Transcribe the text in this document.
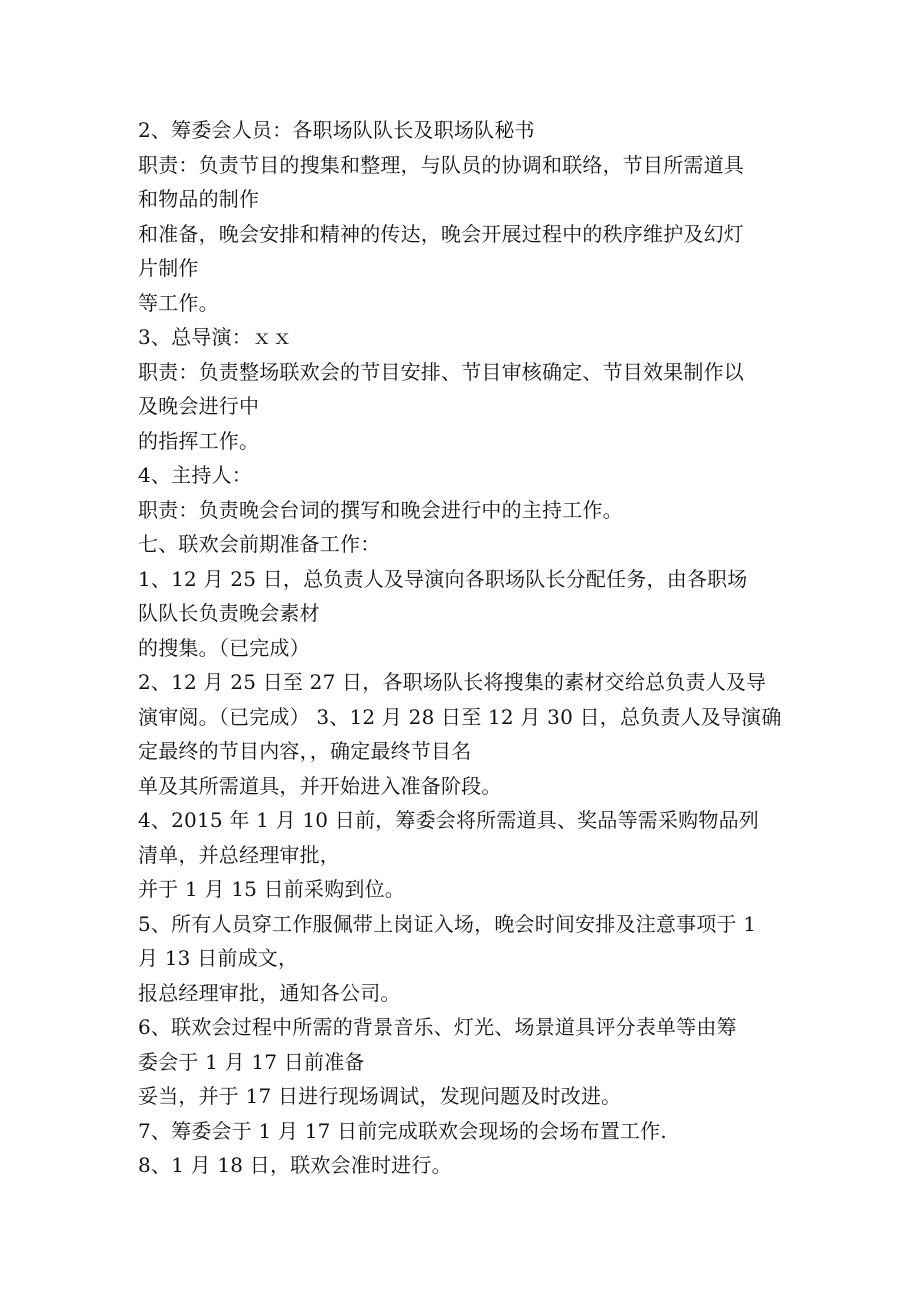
2、筹委会人员：各职场队队长及职场队秘书
职责：负责节目的搜集和整理，与队员的协调和联络，节目所需道具
和物品的制作
和准备，晚会安排和精神的传达，晚会开展过程中的秩序维护及幻灯
片制作
等工作。
3、总导演：ｘｘ
职责：负责整场联欢会的节目安排、节目审核确定、节目效果制作以
及晚会进行中
的指挥工作。
4、主持人：
职责：负责晚会台词的撰写和晚会进行中的主持工作。
七、联欢会前期准备工作：
1、12 月 25 日，总负责人及导演向各职场队长分配任务，由各职场
队队长负责晚会素材
的搜集。（已完成）
2、12 月 25 日至 27 日，各职场队长将搜集的素材交给总负责人及导
演审阅。（已完成） 3、12 月 28 日至 12 月 30 日，总负责人及导演确
定最终的节目内容，，确定最终节目名
单及其所需道具，并开始进入准备阶段。
4、2015 年 1 月 10 日前，筹委会将所需道具、奖品等需采购物品列
清单，并总经理审批，
并于 1 月 15 日前采购到位。
5、所有人员穿工作服佩带上岗证入场，晚会时间安排及注意事项于 1
月 13 日前成文，
报总经理审批，通知各公司。
6、联欢会过程中所需的背景音乐、灯光、场景道具评分表单等由筹
委会于 1 月 17 日前准备
妥当，并于 17 日进行现场调试，发现问题及时改进。
7、筹委会于 1 月 17 日前完成联欢会现场的会场布置工作.
8、1 月 18 日，联欢会准时进行。
